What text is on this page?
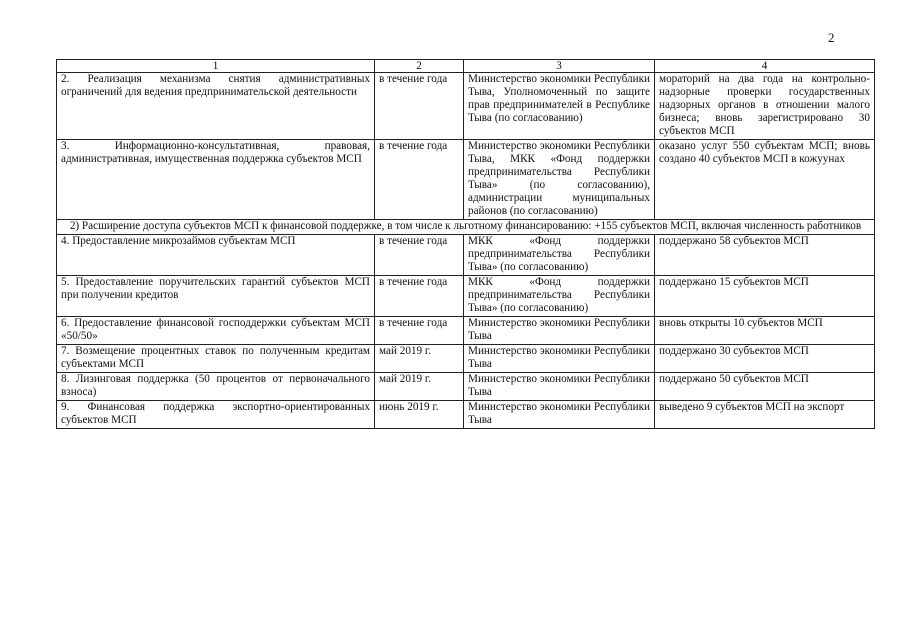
2
1	2	3	4
2. Реализация механизма снятия административных ограничений для ведения предпринимательской деятельности	в течение года	Министерство экономики Республики Тыва, Уполномоченный по защите прав предпринимателей в Республике Тыва (по согласованию)	мораторий на два года на контрольно-надзорные проверки государственных надзорных органов в отношении малого бизнеса; вновь зарегистрировано 30 субъектов МСП
3. Информационно-консультативная, правовая, административная, имущественная поддержка субъектов МСП	в течение года	Министерство экономики Республики Тыва, МКК «Фонд поддержки предпринимательства Республики Тыва» (по согласованию), администрации муниципальных районов (по согласованию)	оказано услуг 550 субъектам МСП; вновь создано 40 субъектов МСП в кожуунах
2) Расширение доступа субъектов МСП к финансовой поддержке, в том числе к льготному финансированию: +155 субъектов МСП, включая численность работников			
4. Предоставление микрозаймов субъектам МСП	в течение года	МКК «Фонд поддержки предпринимательства Республики Тыва» (по согласованию)	поддержано 58 субъектов МСП
5. Предоставление поручительских гарантий субъектов МСП при получении кредитов	в течение года	МКК «Фонд поддержки предпринимательства Республики Тыва» (по согласованию)	поддержано 15 субъектов МСП
6. Предоставление финансовой господдержки субъектам МСП «50/50»	в течение года	Министерство экономики Республики Тыва	вновь открыты 10 субъектов МСП
7. Возмещение процентных ставок по полученным кредитам субъектами МСП	май 2019 г.	Министерство экономики Республики Тыва	поддержано 30 субъектов МСП
8. Лизинговая поддержка (50 процентов от первоначального взноса)	май 2019 г.	Министерство экономики Республики Тыва	поддержано 50 субъектов МСП
9. Финансовая поддержка экспортно-ориентированных субъектов МСП	июнь 2019 г.	Министерство экономики Республики Тыва	выведено 9 субъектов МСП на экспорт
